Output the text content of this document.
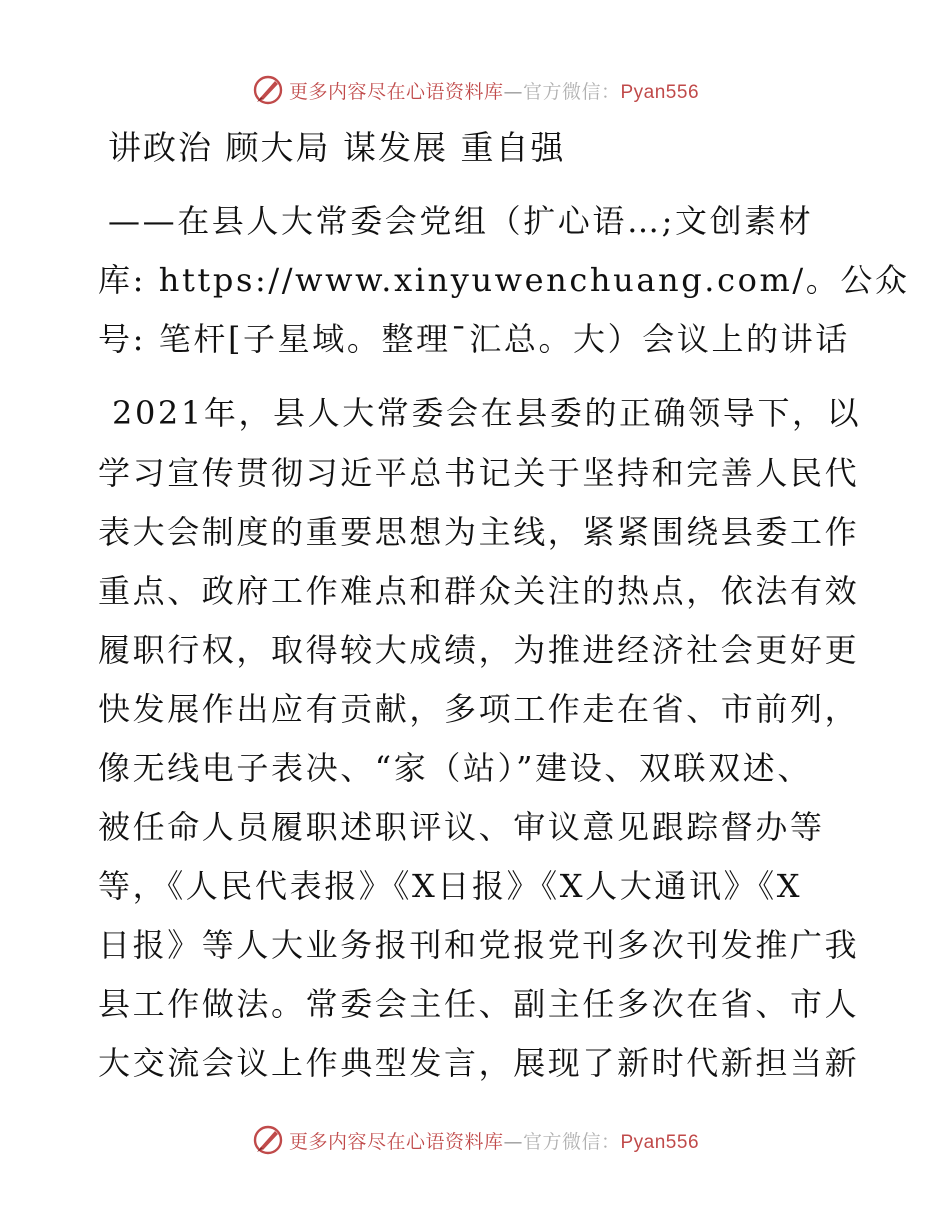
更多内容尽在心语资料库—官方微信：Pyan556
讲政治 顾大局 谋发展 重自强
——在县人大常委会党组（扩心语…;文创素材
库: https://www.xinyuwenchuang.com/。公众
号: 笔杆[子星域。整理¯汇总。大）会议上的讲话
2021年，县人大常委会在县委的正确领导下，以
学习宣传贯彻习近平总书记关于坚持和完善人民代
表大会制度的重要思想为主线，紧紧围绕县委工作
重点、政府工作难点和群众关注的热点，依法有效
履职行权，取得较大成绩，为推进经济社会更好更
快发展作出应有贡献，多项工作走在省、市前列，
像无线电子表决、“家（站）”建设、双联双述、
被任命人员履职述职评议、审议意见跟踪督办等
等，《人民代表报》《X日报》《X人大通讯》《X
日报》等人大业务报刊和党报党刊多次刊发推广我
县工作做法。常委会主任、副主任多次在省、市人
大交流会议上作典型发言，展现了新时代新担当新
更多内容尽在心语资料库—官方微信：Pyan556
